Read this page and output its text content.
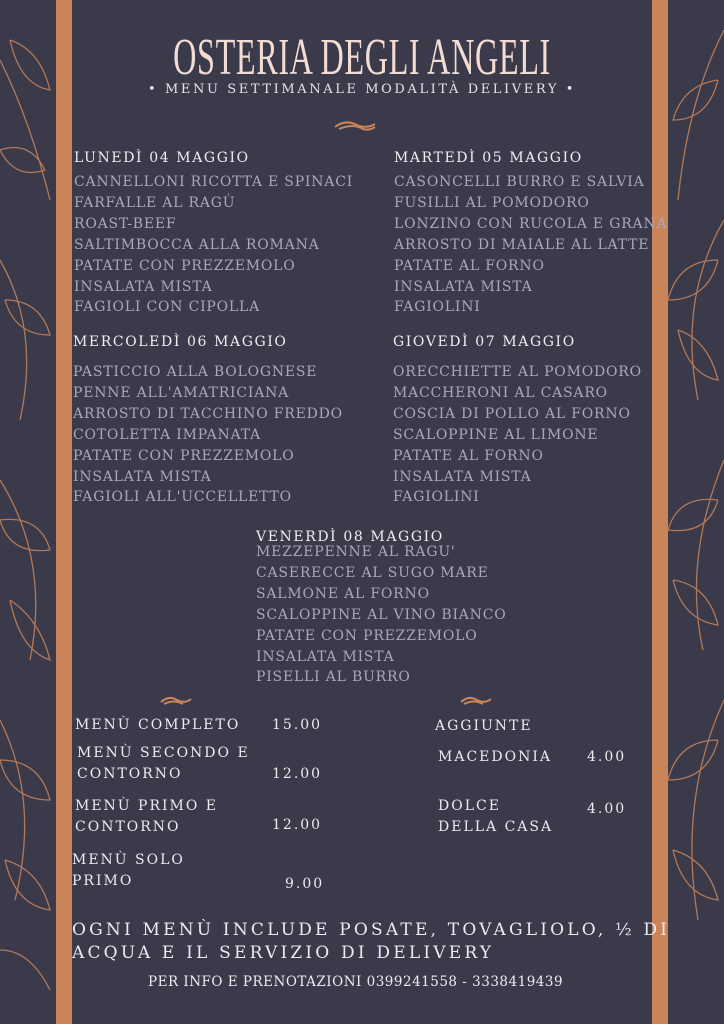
OSTERIA DEGLI ANGELI
• MENU SETTIMANALE MODALITÀ DELIVERY •
LUNEDÌ 04 MAGGIO
CANNELLONI RICOTTA E SPINACI
FARFALLE AL RAGÙ
ROAST-BEEF
SALTIMBOCCA ALLA ROMANA
PATATE CON PREZZEMOLO
INSALATA MISTA
FAGIOLI CON CIPOLLA
MARTEDÌ 05 MAGGIO
CASONCELLI BURRO E SALVIA
FUSILLI AL POMODORO
LONZINO CON RUCOLA E GRANA
ARROSTO DI MAIALE AL LATTE
PATATE AL FORNO
INSALATA MISTA
FAGIOLINI
MERCOLEDÌ 06 MAGGIO
PASTICCIO ALLA BOLOGNESE
PENNE ALL'AMATRICIANA
ARROSTO DI TACCHINO FREDDO
COTOLETTA IMPANATA
PATATE CON PREZZEMOLO
INSALATA MISTA
FAGIOLI ALL'UCCELLETTO
GIOVEDÌ 07 MAGGIO
ORECCHIETTE AL POMODORO
MACCHERONI AL CASARO
COSCIA DI POLLO AL FORNO
SCALOPPINE AL LIMONE
PATATE AL FORNO
INSALATA MISTA
FAGIOLINI
VENERDÌ 08 MAGGIO
MEZZEPENNE AL RAGU'
CASERECCE AL SUGO MARE
SALMONE AL FORNO
SCALOPPINE AL VINO BIANCO
PATATE CON PREZZEMOLO
INSALATA MISTA
PISELLI AL BURRO
MENÙ COMPLETO 15.00
MENÙ SECONDO E
CONTORNO	12.00
MENÙ PRIMO E
CONTORNO	12.00
MENÙ SOLO
PRIMO	9.00
AGGIUNTE
MACEDONIA	4.00
DOLCE
DELLA CASA
4.00
OGNI MENÙ INCLUDE POSATE, TOVAGLIOLO, ½ DI
ACQUA E IL SERVIZIO DI DELIVERY
PER INFO E PRENOTAZIONI 0399241558 - 3338419439
